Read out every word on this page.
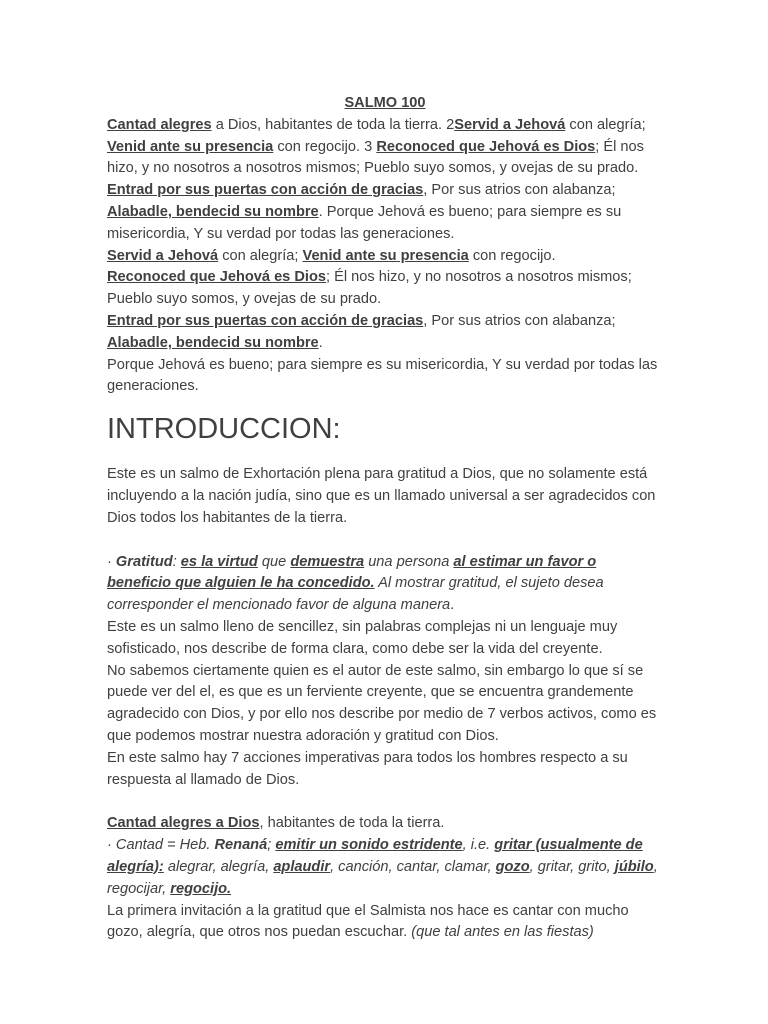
SALMO 100

Cantad alegres a Dios, habitantes de toda la tierra. 2Servid a Jehová con alegría; Venid ante su presencia con regocijo. 3 Reconoced que Jehová es Dios; Él nos hizo, y no nosotros a nosotros mismos; Pueblo suyo somos, y ovejas de su prado. Entrad por sus puertas con acción de gracias, Por sus atrios con alabanza; Alabadle, bendecid su nombre. Porque Jehová es bueno; para siempre es su misericordia, Y su verdad por todas las generaciones.

Servid a Jehová con alegría; Venid ante su presencia con regocijo.

Reconoced que Jehová es Dios; Él nos hizo, y no nosotros a nosotros mismos; Pueblo suyo somos, y ovejas de su prado.

Entrad por sus puertas con acción de gracias, Por sus atrios con alabanza; Alabadle, bendecid su nombre.

Porque Jehová es bueno; para siempre es su misericordia, Y su verdad por todas las generaciones.

INTRODUCCION:

Este es un salmo de Exhortación plena para gratitud a Dios, que no solamente está incluyendo a la nación judía, sino que es un llamado universal a ser agradecidos con Dios todos los habitantes de la tierra.

· Gratitud: es la virtud que demuestra una persona al estimar un favor o beneficio que alguien le ha concedido. Al mostrar gratitud, el sujeto desea corresponder el mencionado favor de alguna manera.

Este es un salmo lleno de sencillez, sin palabras complejas ni un lenguaje muy sofisticado, nos describe de forma clara, como debe ser la vida del creyente.

No sabemos ciertamente quien es el autor de este salmo, sin embargo lo que sí se puede ver del el, es que es un ferviente creyente, que se encuentra grandemente agradecido con Dios, y por ello nos describe por medio de 7 verbos activos, como es que podemos mostrar nuestra adoración y gratitud con Dios.

En este salmo hay 7 acciones imperativas para todos los hombres respecto a su respuesta al llamado de Dios.

Cantad alegres a Dios, habitantes de toda la tierra.

· Cantad = Heb. Renaná; emitir un sonido estridente, i.e. gritar (usualmente de alegría): alegrar, alegría, aplaudir, canción, cantar, clamar, gozo, gritar, grito, júbilo, regocijar, regocijo.

La primera invitación a la gratitud que el Salmista nos hace es cantar con mucho gozo, alegría, que otros nos puedan escuchar. (que tal antes en las fiestas)
